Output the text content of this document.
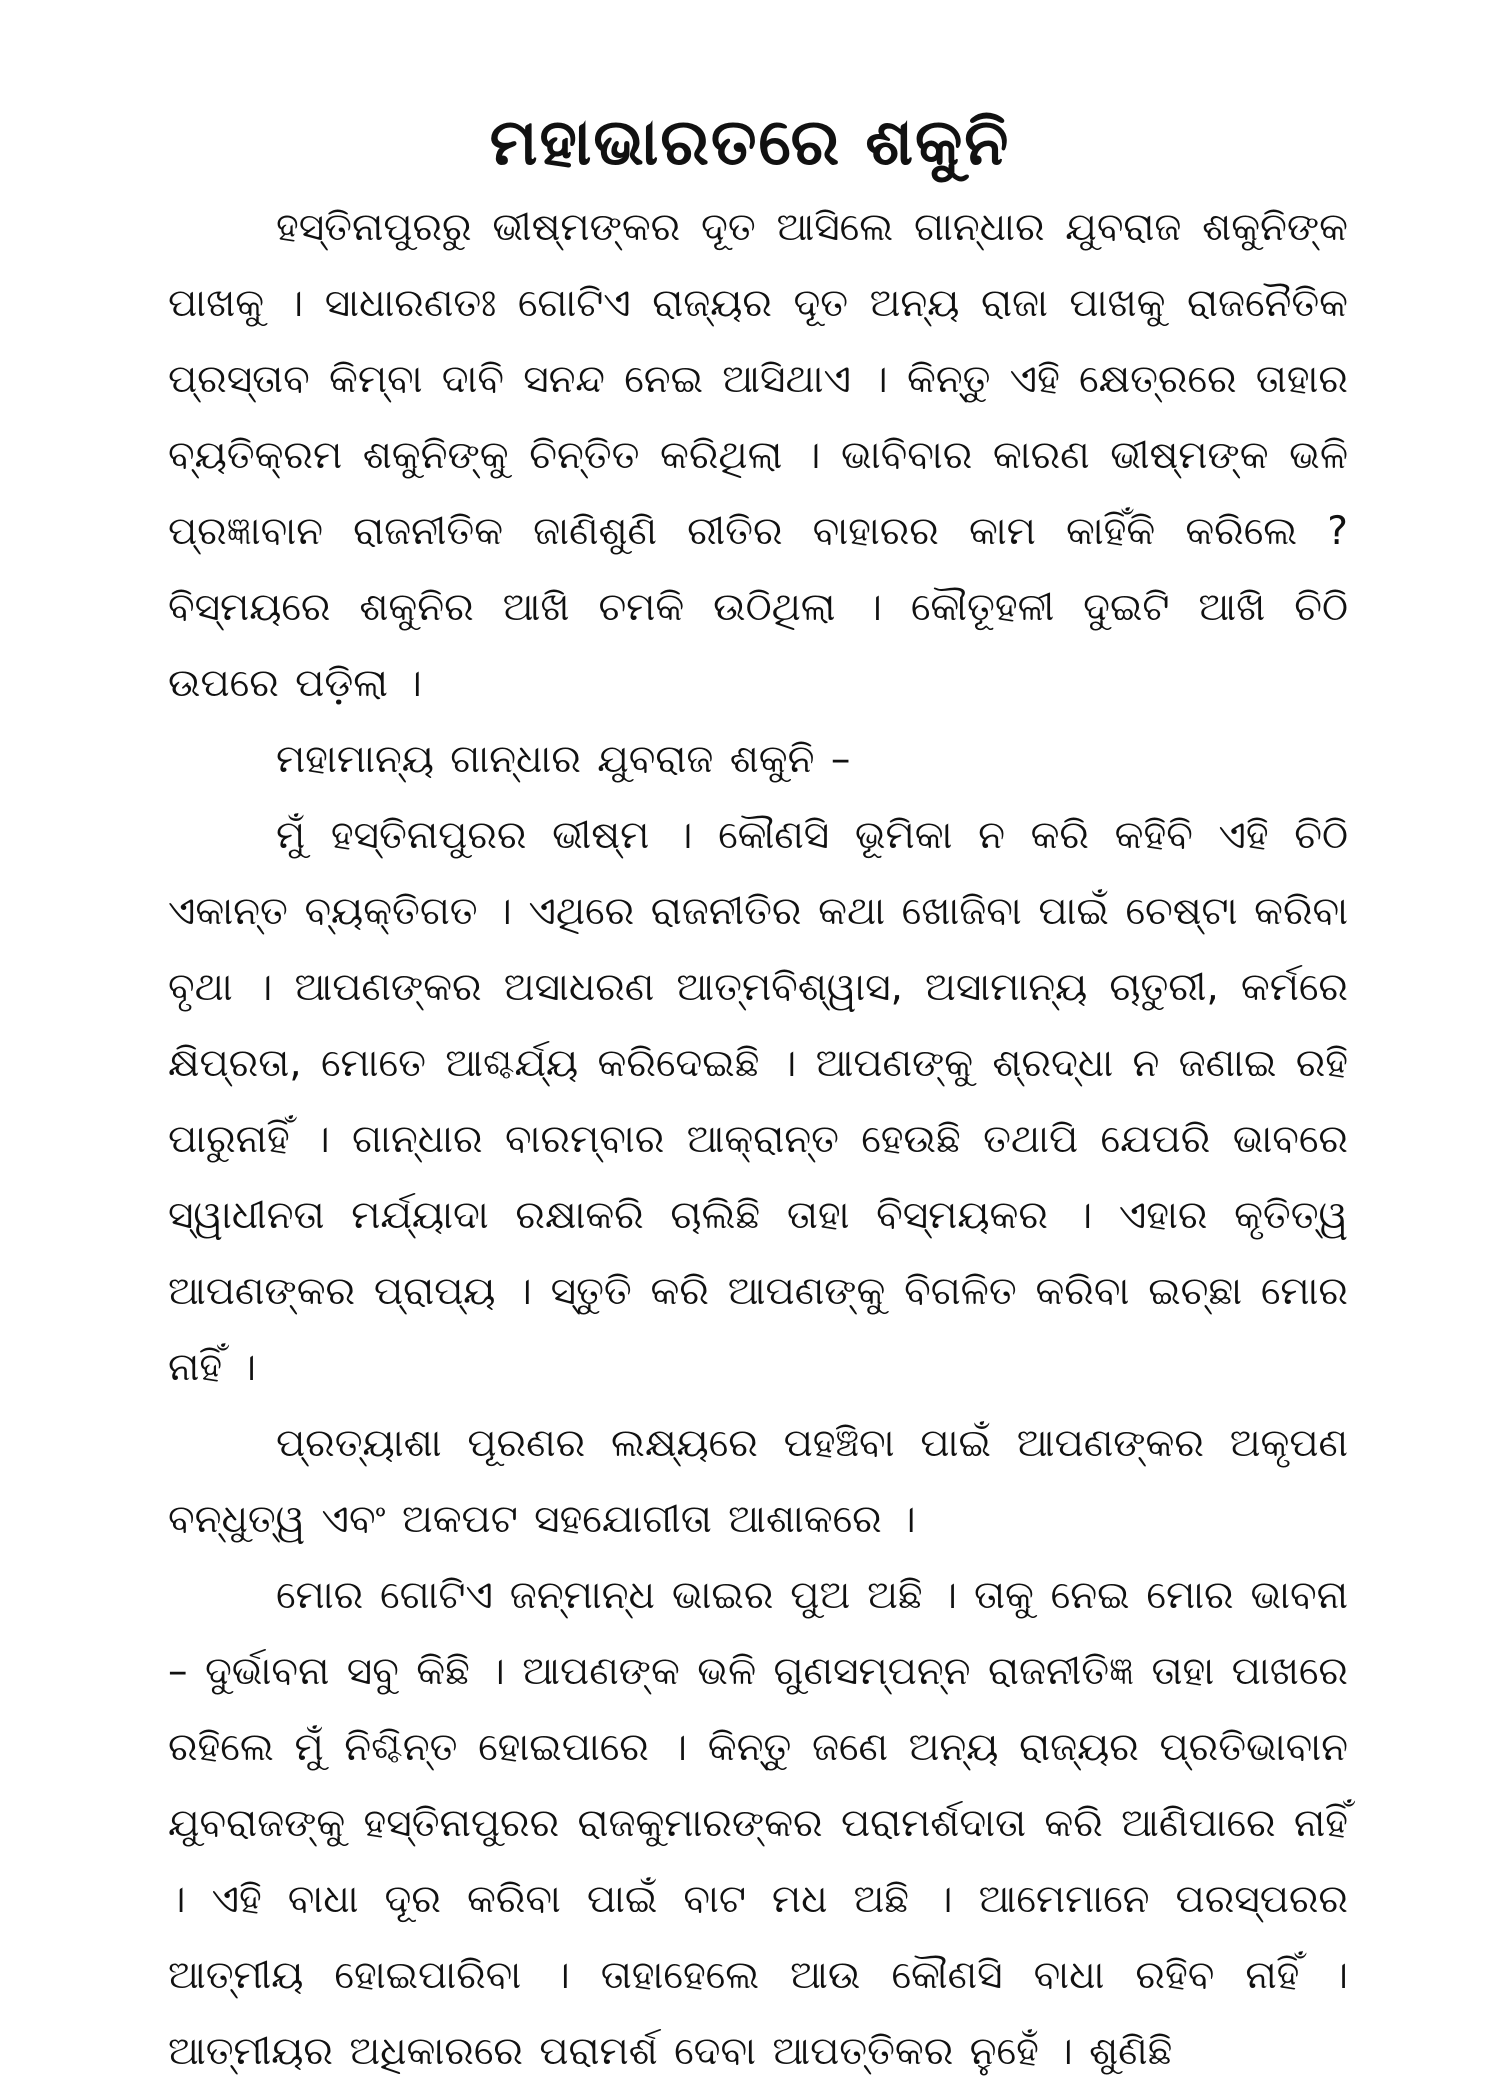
ମହାଭାରତରେ ଶକୁନି

ହସ୍ତିନାପୁରରୁ ଭୀଷ୍ମଙ୍କର ଦୂତ ଆସିଲେ ଗାନ୍ଧାର ଯୁବରାଜ ଶକୁନିଙ୍କ ପାଖକୁ । ସାଧାରଣତଃ ଗୋଟିଏ ରାଜ୍ୟର ଦୂତ ଅନ୍ୟ ରାଜା ପାଖକୁ ରାଜନୈତିକ ପ୍ରସ୍ତାବ କିମ୍ବା ଦାବି ସନନ୍ଦ ନେଇ ଆସିଥାଏ । କିନ୍ତୁ ଏହି କ୍ଷେତ୍ରରେ ତାହାର ବ୍ୟତିକ୍ରମ ଶକୁନିଙ୍କୁ ଚିନ୍ତିତ କରିଥିଲା । ଭାବିବାର କାରଣ ଭୀଷ୍ମଙ୍କ ଭଳି ପ୍ରଜ୍ଞାବାନ ରାଜନୀତିକ ଜାଣିଶୁଣି ରୀତିର ବାହାରର କାମ କାହିଁକି କରିଲେ ? ବିସ୍ମୟରେ ଶକୁନିର ଆଖି ଚମକି ଉଠିଥିଲା । କୌତୂହଳୀ ଦୁଇଟି ଆଖି ଚିଠି ଉପରେ ପଡ଼ିଲା ।

ମହାମାନ୍ୟ ଗାନ୍ଧାର ଯୁବରାଜ ଶକୁନି –

ମୁଁ ହସ୍ତିନାପୁରର ଭୀଷ୍ମ । କୌଣସି ଭୂମିକା ନ କରି କହିବି ଏହି ଚିଠି ଏକାନ୍ତ ବ୍ୟକ୍ତିଗତ । ଏଥିରେ ରାଜନୀତିର କଥା ଖୋଜିବା ପାଇଁ ଚେଷ୍ଟା କରିବା ବୃଥା । ଆପଣଙ୍କର ଅସାଧରଣ ଆତ୍ମବିଶ୍ୱାସ, ଅସାମାନ୍ୟ ଚାତୁରୀ, କର୍ମରେ କ୍ଷିପ୍ରତା, ମୋତେ ଆଶ୍ଚର୍ଯ୍ୟ କରିଦେଇଛି । ଆପଣଙ୍କୁ ଶ୍ରଦ୍ଧା ନ ଜଣାଇ ରହି ପାରୁନାହିଁ । ଗାନ୍ଧାର ବାରମ୍ବାର ଆକ୍ରାନ୍ତ ହେଉଛି ତଥାପି ଯେପରି ଭାବରେ ସ୍ୱାଧୀନତା ମର୍ଯ୍ୟାଦା ରକ୍ଷାକରି ଚାଲିଛି ତାହା ବିସ୍ମୟକର । ଏହାର କୃତିତ୍ୱ ଆପଣଙ୍କର ପ୍ରାପ୍ୟ । ସ୍ତୁତି କରି ଆପଣଙ୍କୁ ବିଗଳିତ କରିବା ଇଚ୍ଛା ମୋର ନାହିଁ ।

ପ୍ରତ୍ୟାଶା ପୂରଣର ଲକ୍ଷ୍ୟରେ ପହଞ୍ଚିବା ପାଇଁ ଆପଣଙ୍କର ଅକୃପଣ ବନ୍ଧୁତ୍ୱ ଏବଂ ଅକପଟ ସହଯୋଗୀତା ଆଶାକରେ ।

ମୋର ଗୋଟିଏ ଜନ୍ମାନ୍ଧ ଭାଇର ପୁଅ ଅଛି । ତାକୁ ନେଇ ମୋର ଭାବନା – ଦୁର୍ଭାବନା ସବୁ କିଛି । ଆପଣଙ୍କ ଭଳି ଗୁଣସମ୍ପନ୍ନ ରାଜନୀତିଜ୍ଞ ତାହା ପାଖରେ ରହିଲେ ମୁଁ ନିଶ୍ଚିନ୍ତ ହୋଇପାରେ । କିନ୍ତୁ ଜଣେ ଅନ୍ୟ ରାଜ୍ୟର ପ୍ରତିଭାବାନ ଯୁବରାଜଙ୍କୁ ହସ୍ତିନାପୁରର ରାଜକୁମାରଙ୍କର ପରାମର୍ଶଦାତା କରି ଆଣିପାରେ ନାହିଁ । ଏହି ବାଧା ଦୂର କରିବା ପାଇଁ ବାଟ ମଧ ଅଛି । ଆମେମାନେ ପରସ୍ପରର ଆତ୍ମୀୟ ହୋଇପାରିବା । ତାହାହେଲେ ଆଉ କୌଣସି ବାଧା ରହିବ ନାହିଁ । ଆତ୍ମୀୟର ଅଧିକାରରେ ପରାମର୍ଶ ଦେବା ଆପତ୍ତିକର ନୁହେଁ । ଶୁଣିଛି
